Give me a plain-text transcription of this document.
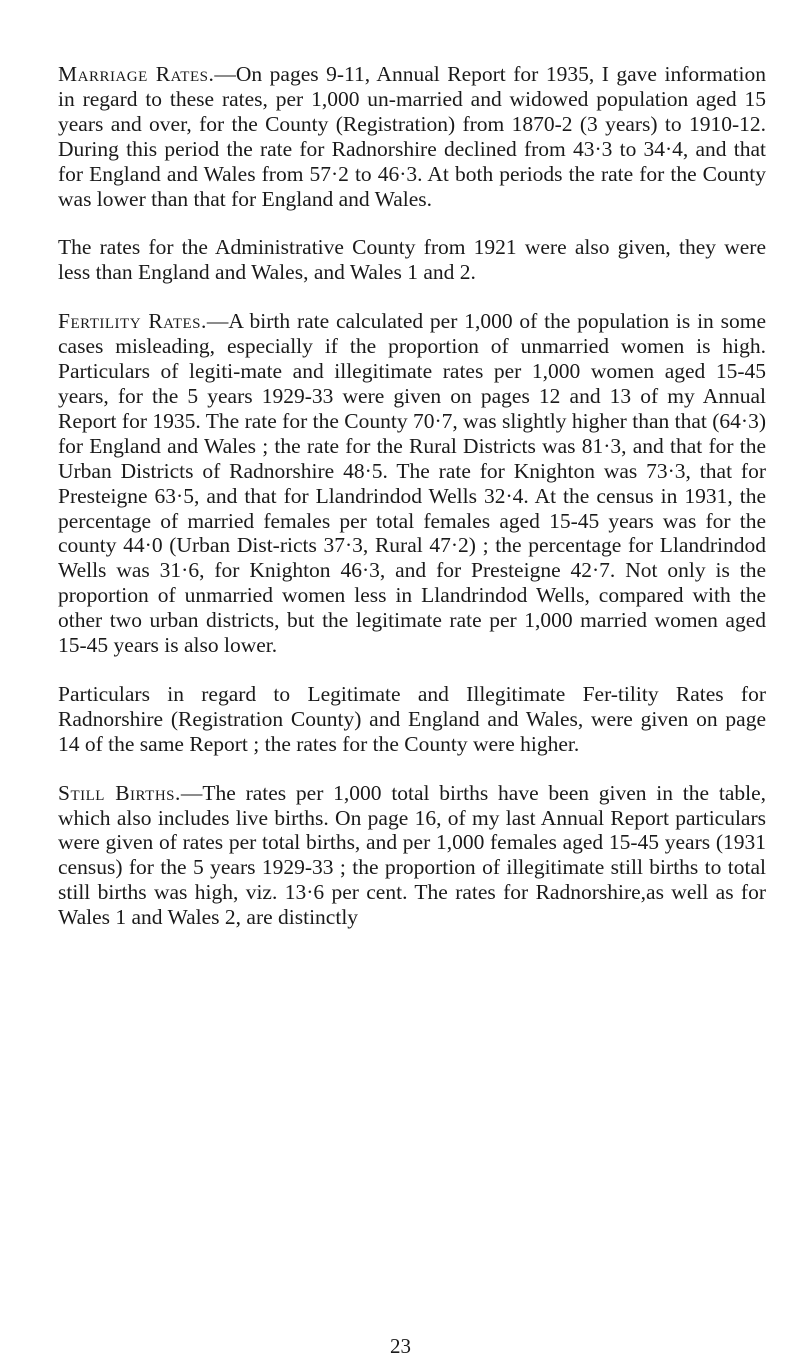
Marriage Rates.—On pages 9-11, Annual Report for 1935, I gave information in regard to these rates, per 1,000 un-married and widowed population aged 15 years and over, for the County (Registration) from 1870-2 (3 years) to 1910-12. During this period the rate for Radnorshire declined from 43·3 to 34·4, and that for England and Wales from 57·2 to 46·3. At both periods the rate for the County was lower than that for England and Wales.

The rates for the Administrative County from 1921 were also given, they were less than England and Wales, and Wales 1 and 2.

Fertility Rates.—A birth rate calculated per 1,000 of the population is in some cases misleading, especially if the proportion of unmarried women is high. Particulars of legiti-mate and illegitimate rates per 1,000 women aged 15-45 years, for the 5 years 1929-33 were given on pages 12 and 13 of my Annual Report for 1935. The rate for the County 70·7, was slightly higher than that (64·3) for England and Wales ; the rate for the Rural Districts was 81·3, and that for the Urban Districts of Radnorshire 48·5. The rate for Knighton was 73·3, that for Presteigne 63·5, and that for Llandrindod Wells 32·4. At the census in 1931, the percentage of married females per total females aged 15-45 years was for the county 44·0 (Urban Dist-ricts 37·3, Rural 47·2) ; the percentage for Llandrindod Wells was 31·6, for Knighton 46·3, and for Presteigne 42·7. Not only is the proportion of unmarried women less in Llandrindod Wells, compared with the other two urban districts, but the legitimate rate per 1,000 married women aged 15-45 years is also lower.

Particulars in regard to Legitimate and Illegitimate Fer-tility Rates for Radnorshire (Registration County) and England and Wales, were given on page 14 of the same Report ; the rates for the County were higher.

Still Births.—The rates per 1,000 total births have been given in the table, which also includes live births. On page 16, of my last Annual Report particulars were given of rates per total births, and per 1,000 females aged 15-45 years (1931 census) for the 5 years 1929-33 ; the proportion of illegitimate still births to total still births was high, viz. 13·6 per cent. The rates for Radnorshire,as well as for Wales 1 and Wales 2, are distinctly

23
